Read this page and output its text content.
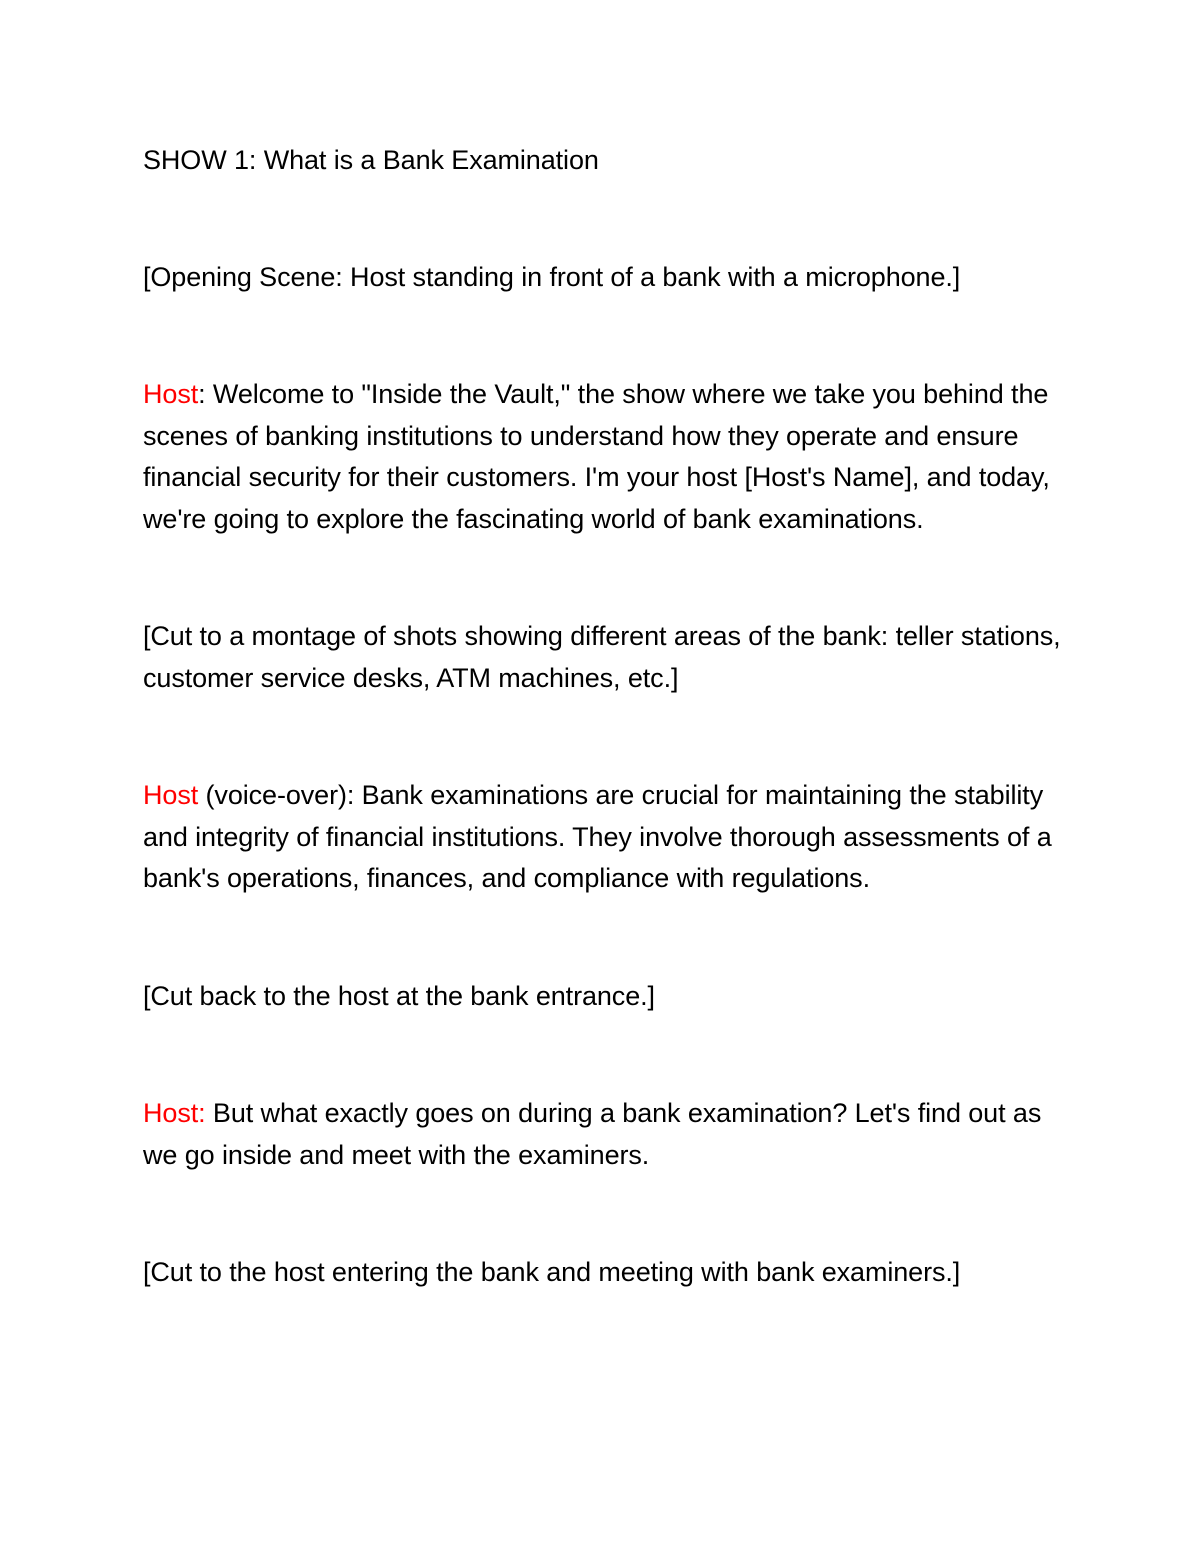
SHOW 1: What is a Bank Examination

[Opening Scene: Host standing in front of a bank with a microphone.]

Host: Welcome to "Inside the Vault," the show where we take you behind the scenes of banking institutions to understand how they operate and ensure financial security for their customers. I'm your host [Host's Name], and today, we're going to explore the fascinating world of bank examinations.

[Cut to a montage of shots showing different areas of the bank: teller stations, customer service desks, ATM machines, etc.]

Host (voice-over): Bank examinations are crucial for maintaining the stability and integrity of financial institutions. They involve thorough assessments of a bank's operations, finances, and compliance with regulations.

[Cut back to the host at the bank entrance.]

Host: But what exactly goes on during a bank examination? Let's find out as we go inside and meet with the examiners.

[Cut to the host entering the bank and meeting with bank examiners.]
